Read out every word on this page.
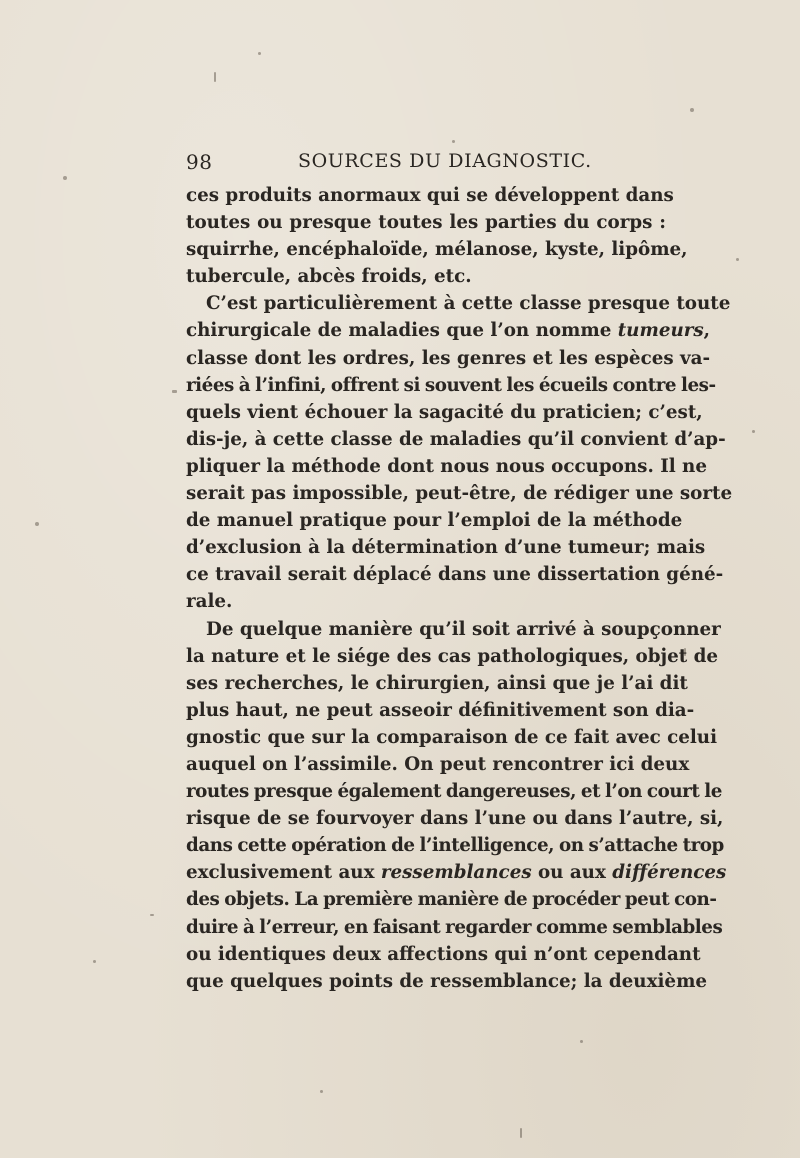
98	SOURCES DU DIAGNOSTIC.
ces produits anormaux qui se développent dans
toutes ou presque toutes les parties du corps :
squirrhe, encéphaloïde, mélanose, kyste, lipôme,
tubercule, abcès froids, etc.
C’est particulièrement à cette classe presque toute
chirurgicale de maladies que l’on nomme tumeurs,
classe dont les ordres, les genres et les espèces va-
riées à l’infini, offrent si souvent les écueils contre les-
quels vient échouer la sagacité du praticien; c’est,
dis-je, à cette classe de maladies qu’il convient d’ap-
pliquer la méthode dont nous nous occupons. Il ne
serait pas impossible, peut-être, de rédiger une sorte
de manuel pratique pour l’emploi de la méthode
d’exclusion à la détermination d’une tumeur; mais
ce travail serait déplacé dans une dissertation géné-
rale.
De quelque manière qu’il soit arrivé à soupçonner
la nature et le siége des cas pathologiques, objet de
ses recherches, le chirurgien, ainsi que je l’ai dit
plus haut, ne peut asseoir définitivement son dia-
gnostic que sur la comparaison de ce fait avec celui
auquel on l’assimile. On peut rencontrer ici deux
routes presque également dangereuses, et l’on court le
risque de se fourvoyer dans l’une ou dans l’autre, si,
dans cette opération de l’intelligence, on s’attache trop
exclusivement aux ressemblances ou aux différences
des objets. La première manière de procéder peut con-
duire à l’erreur, en faisant regarder comme semblables
ou identiques deux affections qui n’ont cependant
que quelques points de ressemblance; la deuxième
